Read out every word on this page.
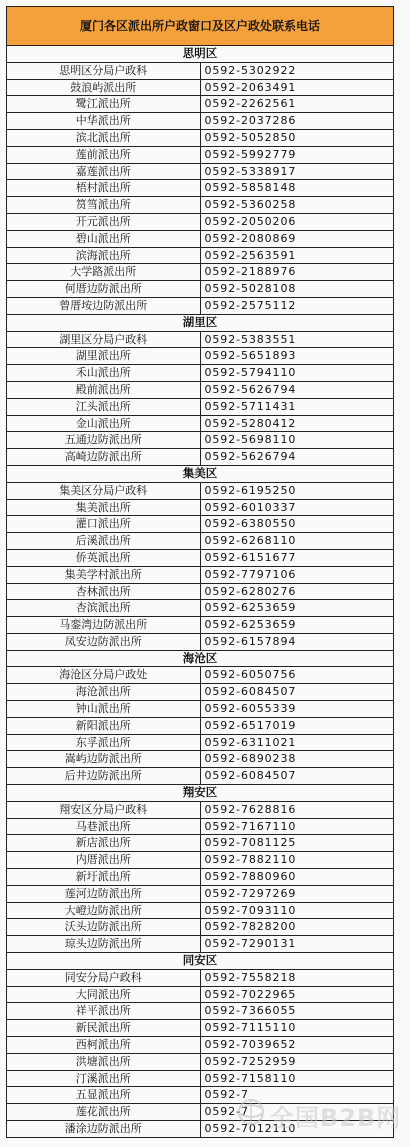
厦门各区派出所户政窗口及区户政处联系电话	
思明区	
思明区分局户政科	0592-5302922
鼓浪屿派出所	0592-2063491
鹭江派出所	0592-2262561
中华派出所	0592-2037286
滨北派出所	0592-5052850
莲前派出所	0592-5992779
嘉莲派出所	0592-5338917
梧村派出所	0592-5858148
筼筜派出所	0592-5360258
开元派出所	0592-2050206
碧山派出所	0592-2080869
滨海派出所	0592-2563591
大学路派出所	0592-2188976
何厝边防派出所	0592-5028108
曾厝垵边防派出所	0592-2575112
湖里区	
湖里区分局户政科	0592-5383551
湖里派出所	0592-5651893
禾山派出所	0592-5794110
殿前派出所	0592-5626794
江头派出所	0592-5711431
金山派出所	0592-5280412
五通边防派出所	0592-5698110
高崎边防派出所	0592-5626794
集美区	
集美区分局户政科	0592-6195250
集美派出所	0592-6010337
灌口派出所	0592-6380550
后溪派出所	0592-6268110
侨英派出所	0592-6151677
集美学村派出所	0592-7797106
杏林派出所	0592-6280276
杏滨派出所	0592-6253659
马銮湾边防派出所	0592-6253659
凤安边防派出所	0592-6157894
海沧区	
海沧区分局户政处	0592-6050756
海沧派出所	0592-6084507
钟山派出所	0592-6055339
新阳派出所	0592-6517019
东孚派出所	0592-6311021
嵩屿边防派出所	0592-6890238
后井边防派出所	0592-6084507
翔安区	
翔安区分局户政科	0592-7628816
马巷派出所	0592-7167110
新店派出所	0592-7081125
内厝派出所	0592-7882110
新圩派出所	0592-7880960
莲河边防派出所	0592-7297269
大嶝边防派出所	0592-7093110
沃头边防派出所	0592-7828200
琼头边防派出所	0592-7290131
同安区	
同安分局户政科	0592-7558218
大同派出所	0592-7022965
祥平派出所	0592-7366055
新民派出所	0592-7115110
西柯派出所	0592-7039652
洪塘派出所	0592-7252959
汀溪派出所	0592-7158110
五显派出所	0592-7
莲花派出所	0592-7
潘涂边防派出所	0592-7012110
全国B2B网
